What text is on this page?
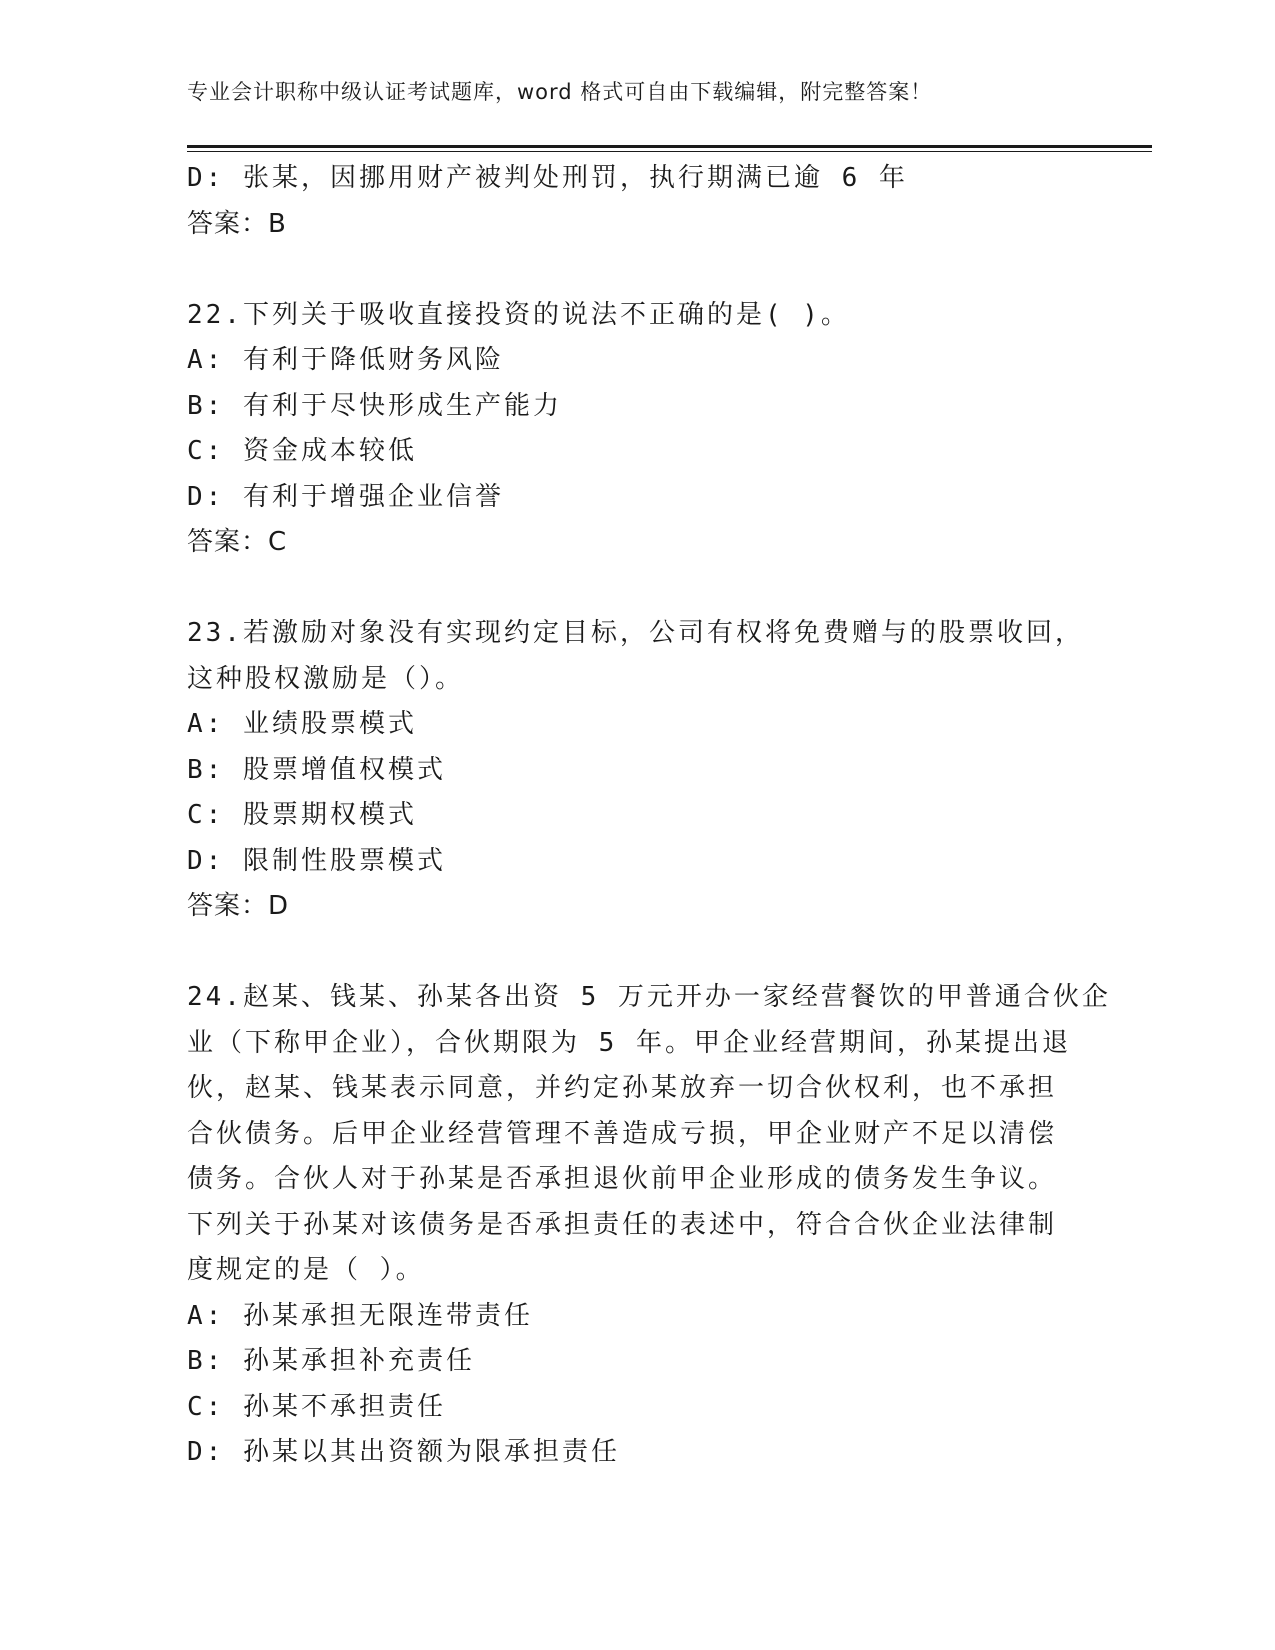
专业会计职称中级认证考试题库，word 格式可自由下载编辑，附完整答案！
D: 张某，因挪用财产被判处刑罚，执行期满已逾 6 年
答案：B
22.下列关于吸收直接投资的说法不正确的是( )。
A: 有利于降低财务风险
B: 有利于尽快形成生产能力
C: 资金成本较低
D: 有利于增强企业信誉
答案：C
23.若激励对象没有实现约定目标，公司有权将免费赠与的股票收回，
这种股权激励是（）。
A: 业绩股票模式
B: 股票增值权模式
C: 股票期权模式
D: 限制性股票模式
答案：D
24.赵某、钱某、孙某各出资 5 万元开办一家经营餐饮的甲普通合伙企
业（下称甲企业），合伙期限为 5 年。甲企业经营期间，孙某提出退
伙，赵某、钱某表示同意，并约定孙某放弃一切合伙权利，也不承担
合伙债务。后甲企业经营管理不善造成亏损，甲企业财产不足以清偿
债务。合伙人对于孙某是否承担退伙前甲企业形成的债务发生争议。
下列关于孙某对该债务是否承担责任的表述中，符合合伙企业法律制
度规定的是（ ）。
A: 孙某承担无限连带责任
B: 孙某承担补充责任
C: 孙某不承担责任
D: 孙某以其出资额为限承担责任
